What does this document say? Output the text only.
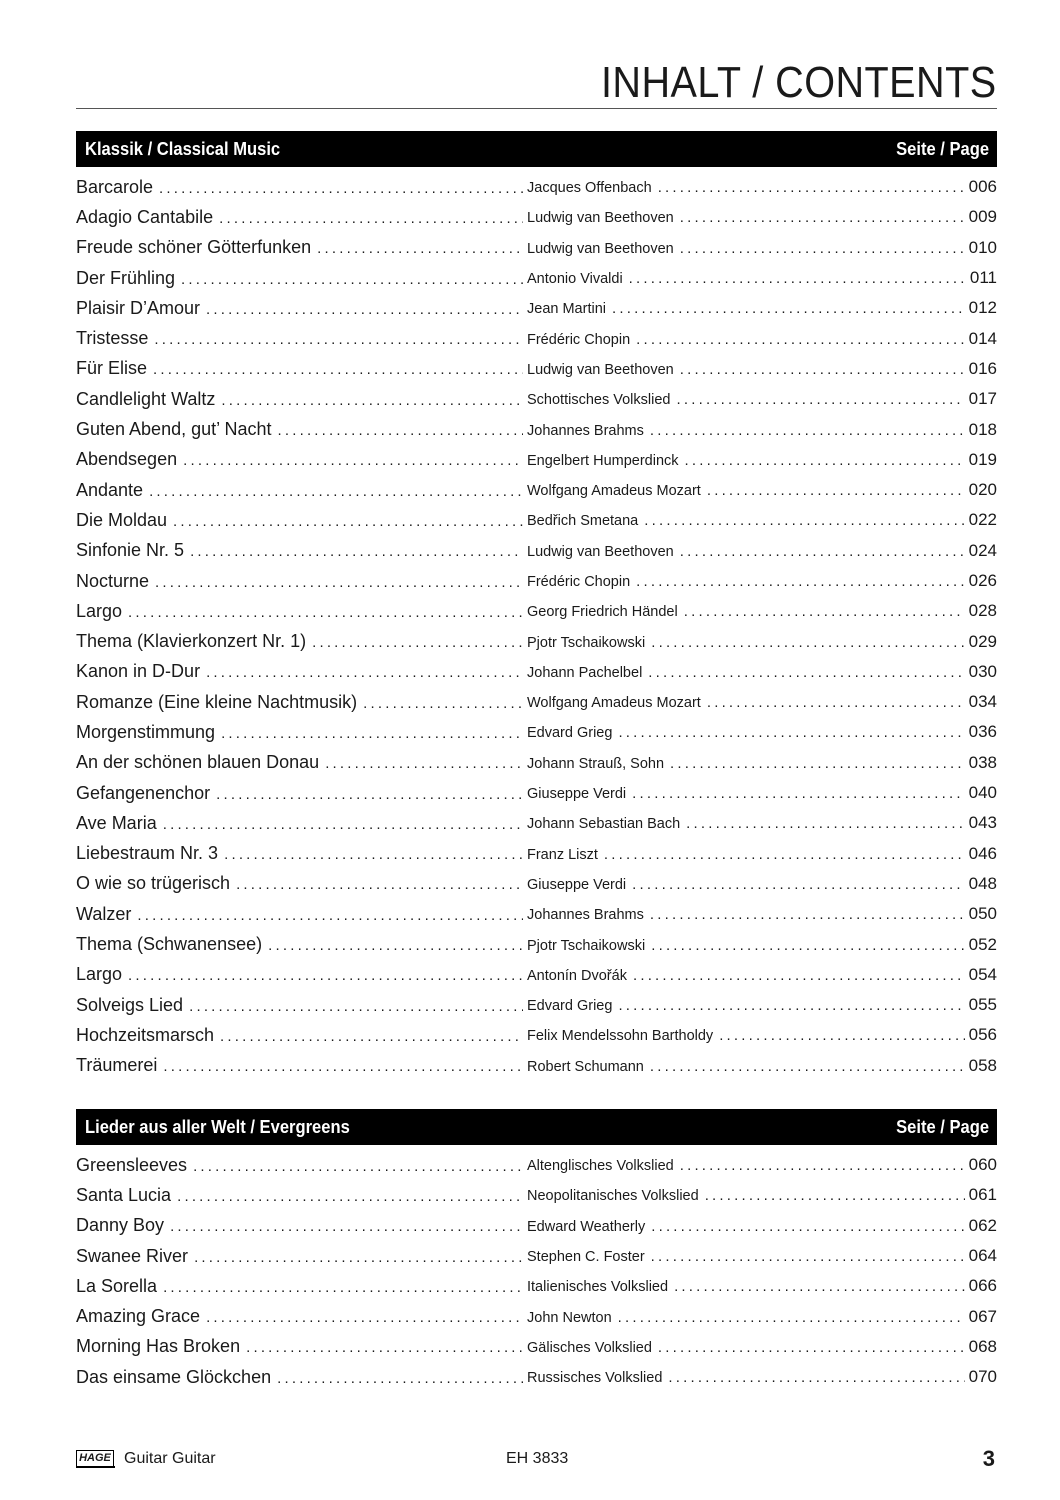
INHALT / CONTENTS
Klassik / Classical Music	Seite / Page
Barcarole .....	Jacques Offenbach .....	006
Adagio Cantabile .....	Ludwig van Beethoven .....	009
Freude schöner Götterfunken .....	Ludwig van Beethoven .....	010
Der Frühling .....	Antonio Vivaldi .....	011
Plaisir D’Amour .....	Jean Martini .....	012
Tristesse .....	Frédéric Chopin .....	014
Für Elise .....	Ludwig van Beethoven .....	016
Candlelight Waltz .....	Schottisches Volkslied .....	017
Guten Abend, gut’ Nacht .....	Johannes Brahms .....	018
Abendsegen .....	Engelbert Humperdinck .....	019
Andante .....	Wolfgang Amadeus Mozart .....	020
Die Moldau .....	Bedřich Smetana .....	022
Sinfonie Nr. 5 .....	Ludwig van Beethoven .....	024
Nocturne .....	Frédéric Chopin .....	026
Largo .....	Georg Friedrich Händel .....	028
Thema (Klavierkonzert Nr. 1) .....	Pjotr Tschaikowski .....	029
Kanon in D-Dur .....	Johann Pachelbel .....	030
Romanze (Eine kleine Nachtmusik) .....	Wolfgang Amadeus Mozart .....	034
Morgenstimmung .....	Edvard Grieg .....	036
An der schönen blauen Donau .....	Johann Strauß, Sohn .....	038
Gefangenenchor .....	Giuseppe Verdi .....	040
Ave Maria .....	Johann Sebastian Bach .....	043
Liebestraum Nr. 3 .....	Franz Liszt .....	046
O wie so trügerisch .....	Giuseppe Verdi .....	048
Walzer .....	Johannes Brahms .....	050
Thema (Schwanensee) .....	Pjotr Tschaikowski .....	052
Largo .....	Antonín Dvořák .....	054
Solveigs Lied .....	Edvard Grieg .....	055
Hochzeitsmarsch .....	Felix Mendelssohn Bartholdy .....	056
Träumerei .....	Robert Schumann .....	058
Lieder aus aller Welt / Evergreens	Seite / Page
Greensleeves .....	Altenglisches Volkslied .....	060
Santa Lucia .....	Neopolitanisches Volkslied .....	061
Danny Boy .....	Edward Weatherly .....	062
Swanee River .....	Stephen C. Foster .....	064
La Sorella .....	Italienisches Volkslied .....	066
Amazing Grace .....	John Newton .....	067
Morning Has Broken .....	Gälisches Volkslied .....	068
Das einsame Glöckchen .....	Russisches Volkslied .....	070
HAGE Guitar Guitar	EH 3833	3
